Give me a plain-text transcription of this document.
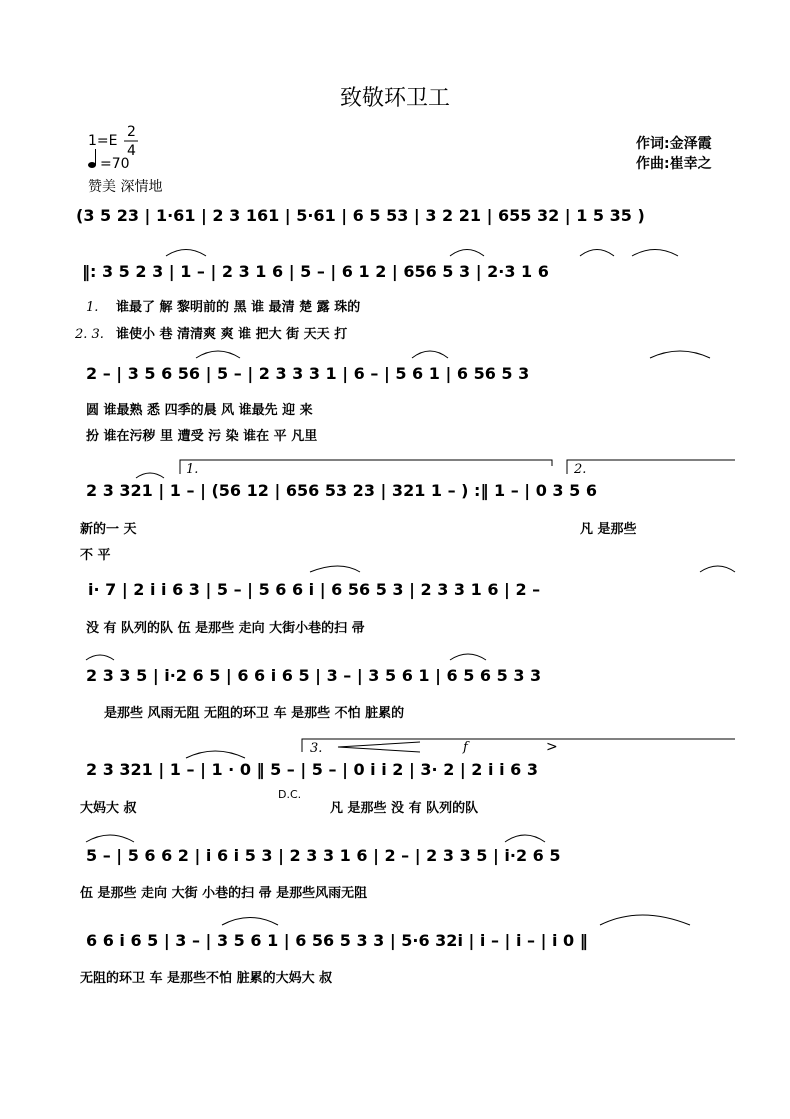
致敬环卫工
1=E
2
4
=70
赞美 深情地
作词:金泽霞
作曲:崔幸之
(3 5 23 | 1·61 | 2 3 161 | 5·61 | 6 5 53 | 3 2 21 | 655 32 | 1 5 35 )
‖: 3 5 2 3 | 1 – | 2 3 1 6 | 5 – | 6 1 2 | 656 5 3 | 2·3 1 6
1. 谁最了 解 黎明前的 黑 谁 最清 楚 露 珠的
2. 3. 谁使小 巷 清清爽 爽 谁 把大 街 天天 打
2 – | 3 5 6 56 | 5 – | 2 3 3 3 1 | 6 – | 5 6 1 | 6 56 5 3
圆 谁最熟 悉 四季的晨 风 谁最先 迎 来
扮 谁在污秽 里 遭受 污 染 谁在 平 凡里
1.	2.
2 3 321 | 1 – | (56 12 | 656 53 23 | 321 1 – ) :‖ 1 – | 0 3 5 6
新的一 天	凡 是那些
不 平
i· 7 | 2 i i 6 3 | 5 – | 5 6 6 i | 6 56 5 3 | 2 3 3 1 6 | 2 –
没 有 队列的队 伍 是那些 走向 大街小巷的扫 帚
2 3 3 5 | i·2 6 5 | 6 6 i 6 5 | 3 – | 3 5 6 1 | 6 5 6 5 3 3
是那些 风雨无阻 无阻的环卫 车 是那些 不怕 脏累的
3.	f	>
2 3 321 | 1 – | 1 · 0 ‖ 5 – | 5 – | 0 i i 2 | 3· 2 | 2 i i 6 3
D.C.
大妈大 叔	凡 是那些 没 有 队列的队
5 – | 5 6 6 2 | i 6 i 5 3 | 2 3 3 1 6 | 2 – | 2 3 3 5 | i·2 6 5
伍 是那些 走向 大街 小巷的扫 帚 是那些风雨无阻
6 6 i 6 5 | 3 – | 3 5 6 1 | 6 56 5 3 3 | 5·6 32i | i – | i – | i 0 ‖
无阻的环卫 车 是那些不怕 脏累的大妈大 叔
